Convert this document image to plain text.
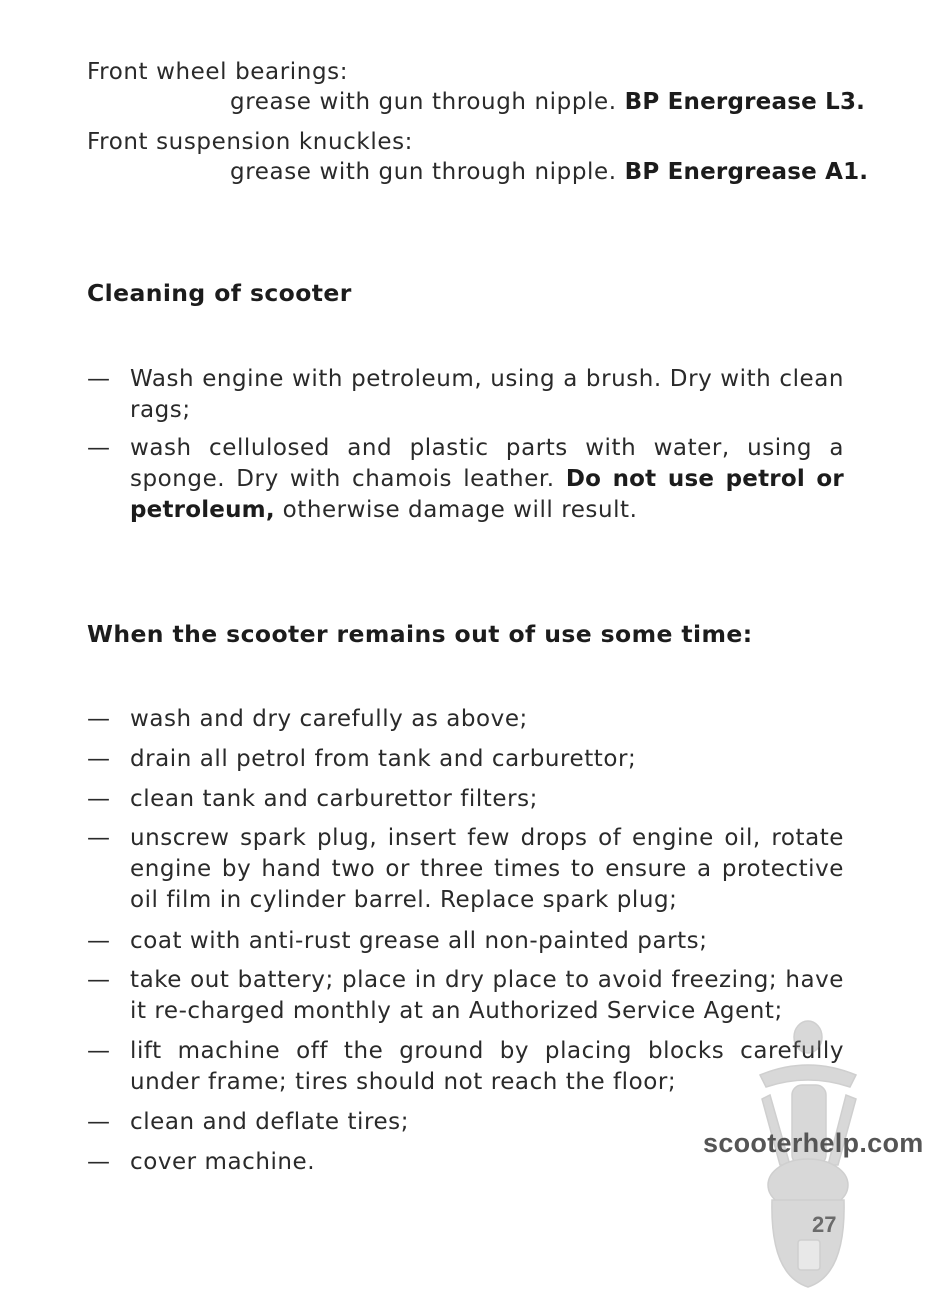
Front wheel bearings:
grease with gun through nipple. BP Energrease L3.
Front suspension knuckles:
grease with gun through nipple. BP Energrease A1.
Cleaning of scooter
— Wash engine with petroleum, using a brush. Dry with clean rags;
— wash cellulosed and plastic parts with water, using a sponge. Dry with chamois leather. Do not use petrol or petroleum, otherwise damage will result.
When the scooter remains out of use some time:
— wash and dry carefully as above;
— drain all petrol from tank and carburettor;
— clean tank and carburettor filters;
— unscrew spark plug, insert few drops of engine oil, rotate engine by hand two or three times to ensure a protective oil film in cylinder barrel. Replace spark plug;
— coat with anti-rust grease all non-painted parts;
— take out battery; place in dry place to avoid freezing; have it re-charged monthly at an Authorized Service Agent;
— lift machine off the ground by placing blocks carefully under frame; tires should not reach the floor;
— clean and deflate tires;
— cover machine.
scooterhelp.com
27
